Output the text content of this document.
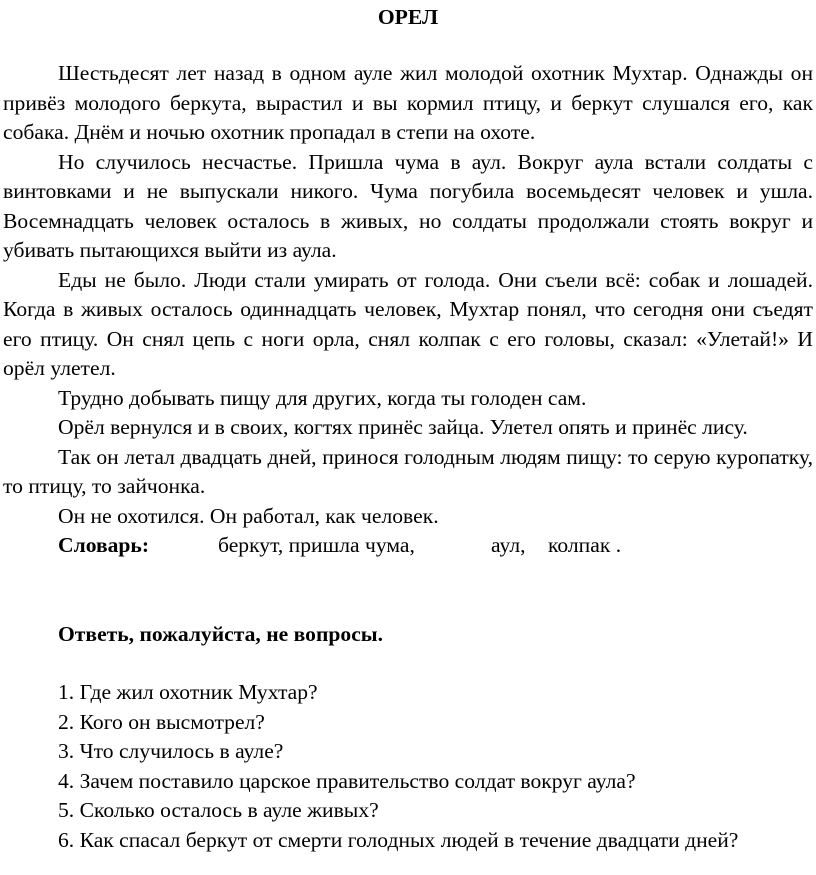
ОРЕЛ

Шестьдесят лет назад в одном ауле жил молодой охотник Мухтар. Однажды он привёз молодого беркута, вырастил и вы кормил птицу, и беркут слушался его, как собака. Днём и ночью охотник пропадал в степи на охоте.

Но случилось несчастье. Пришла чума в аул. Вокруг аула встали солдаты с винтовками и не выпускали никого. Чума погубила восемьдесят человек и ушла. Восемнадцать человек осталось в живых, но солдаты продолжали стоять вокруг и убивать пытающихся выйти из аула.

Еды не было. Люди стали умирать от голода. Они съели всё: собак и лошадей. Когда в живых осталось одиннадцать человек, Мухтар понял, что сегодня они съедят его птицу. Он снял цепь с ноги орла, снял колпак с его головы, сказал: «Улетай!» И орёл улетел.

Трудно добывать пищу для других, когда ты голоден сам.

Орёл вернулся и в своих, когтях принёс зайца. Улетел опять и принёс лису.

Так он летал двадцать дней, принося голодным людям пищу: то серую куропатку, то птицу, то зайчонка.

Он не охотился. Он работал, как человек.

Словарь:	беркут, пришла чума,	аул, колпак .

Ответь, пожалуйста, не вопросы.

1. Где жил охотник Мухтар?
2. Кого он высмотрел?
3. Что случилось в ауле?
4. Зачем поставило царское правительство солдат вокруг аула?
5. Сколько осталось в ауле живых?
6. Как спасал беркут от смерти голодных людей в течение двадцати дней?
